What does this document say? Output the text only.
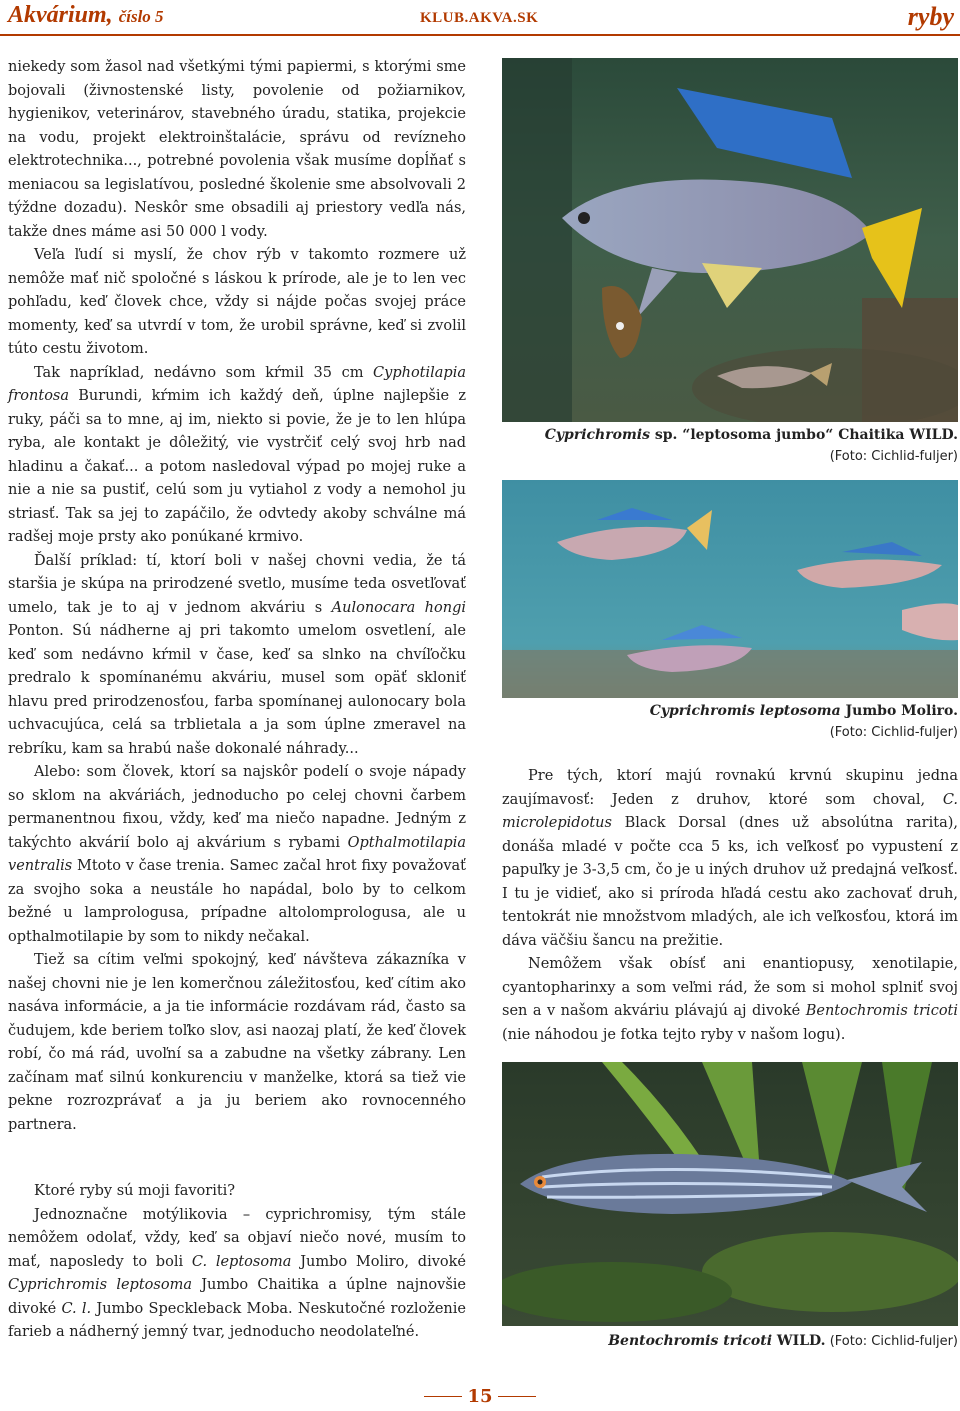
Akvárium, číslo 5	KLUB.AKVA.SK	ryby

niekedy som žasol nad všetkými tými papiermi, s ktorými sme bojovali (živnostenské listy, povolenie od požiarnikov, hygienikov, veterinárov, stavebného úradu, statika, projekcie na vodu, projekt elektroinštalácie, správu od revízneho elektrotechnika..., potrebné povolenia však musíme dopĺňať s meniacou sa legislatívou, posledné školenie sme absolvovali 2 týždne dozadu). Neskôr sme obsadili aj priestory vedľa nás, takže dnes máme asi 50 000 l vody.

Veľa ľudí si myslí, že chov rýb v takomto rozmere už nemôže mať nič spoločné s láskou k prírode, ale je to len vec pohľadu, keď človek chce, vždy si nájde počas svojej práce momenty, keď sa utvrdí v tom, že urobil správne, keď si zvolil túto cestu životom.

Tak napríklad, nedávno som kŕmil 35 cm Cyphotilapia frontosa Burundi, kŕmim ich každý deň, úplne najlepšie z ruky, páči sa to mne, aj im, niekto si povie, že je to len hlúpa ryba, ale kontakt je dôležitý, vie vystrčiť celý svoj hrb nad hladinu a čakať... a potom nasledoval výpad po mojej ruke a nie a nie sa pustiť, celú som ju vytiahol z vody a nemohol ju striasť. Tak sa jej to zapáčilo, že odvtedy akoby schválne má radšej moje prsty ako ponúkané krmivo.

Ďalší príklad: tí, ktorí boli v našej chovni vedia, že tá staršia je skúpa na prirodzené svetlo, musíme teda osvetľovať umelo, tak je to aj v jednom akváriu s Aulonocara hongi Ponton. Sú nádherne aj pri takomto umelom osvetlení, ale keď som nedávno kŕmil v čase, keď sa slnko na chvíľočku predralo k spomínanému akváriu, musel som opäť skloniť hlavu pred prirodzenosťou, farba spomínanej aulonocary bola uchvacujúca, celá sa trblietala a ja som úplne zmeravel na rebríku, kam sa hrabú naše dokonalé náhrady...

Alebo: som človek, ktorí sa najskôr podelí o svoje nápady so sklom na akváriách, jednoducho po celej chovni čarbem permanentnou fixou, vždy, keď ma niečo napadne. Jedným z takýchto akvárií bolo aj akvárium s rybami Opthalmotilapia ventralis Mtoto v čase trenia. Samec začal hrot fixy považovať za svojho soka a neustále ho napádal, bolo by to celkom bežné u lamprologusa, prípadne altolomprologusa, ale u opthalmotilapie by som to nikdy nečakal.

Tiež sa cítim veľmi spokojný, keď návšteva zákazníka v našej chovni nie je len komerčnou záležitosťou, keď cítim ako nasáva informácie, a ja tie informácie rozdávam rád, často sa čudujem, kde beriem toľko slov, asi naozaj platí, že keď človek robí, čo má rád, uvoľní sa a zabudne na všetky zábrany. Len začínam mať silnú konkurenciu v manželke, ktorá sa tiež vie pekne rozrozprávať a ja ju beriem ako rovnocenného partnera.

Ktoré ryby sú moji favoriti?

Jednoznačne motýlikovia – cyprichromisy, tým stále nemôžem odolať, vždy, keď sa objaví niečo nové, musím to mať, naposledy to boli C. leptosoma Jumbo Moliro, divoké Cyprichromis leptosoma Jumbo Chaitika a úplne najnovšie divoké C. l. Jumbo Speckleback Moba. Neskutočné rozloženie farieb a nádherný jemný tvar, jednoducho neodolateľné.

Cyprichromis sp. “leptosoma jumbo“ Chaitika WILD.
(Foto: Cichlid-fuljer)
Cyprichromis leptosoma Jumbo Moliro.
(Foto: Cichlid-fuljer)

Pre tých, ktorí majú rovnakú krvnú skupinu jedna zaujímavosť: Jeden z druhov, ktoré som choval, C. microlepidotus Black Dorsal (dnes už absolútna rarita), donáša mladé v počte cca 5 ks, ich veľkosť po vypustení z papuľky je 3-3,5 cm, čo je u iných druhov už predajná veľkosť. I tu je vidieť, ako si príroda hľadá cestu ako zachovať druh, tentokrát nie množstvom mladých, ale ich veľkosťou, ktorá im dáva väčšiu šancu na prežitie.

Nemôžem však obísť ani enantiopusy, xenotilapie, cyantopharinxy a som veľmi rád, že som si mohol splniť svoj sen a v našom akváriu plávajú aj divoké Bentochromis tricoti (nie náhodou je fotka tejto ryby v našom logu).

Bentochromis tricoti WILD. (Foto: Cichlid-fuljer)
15
